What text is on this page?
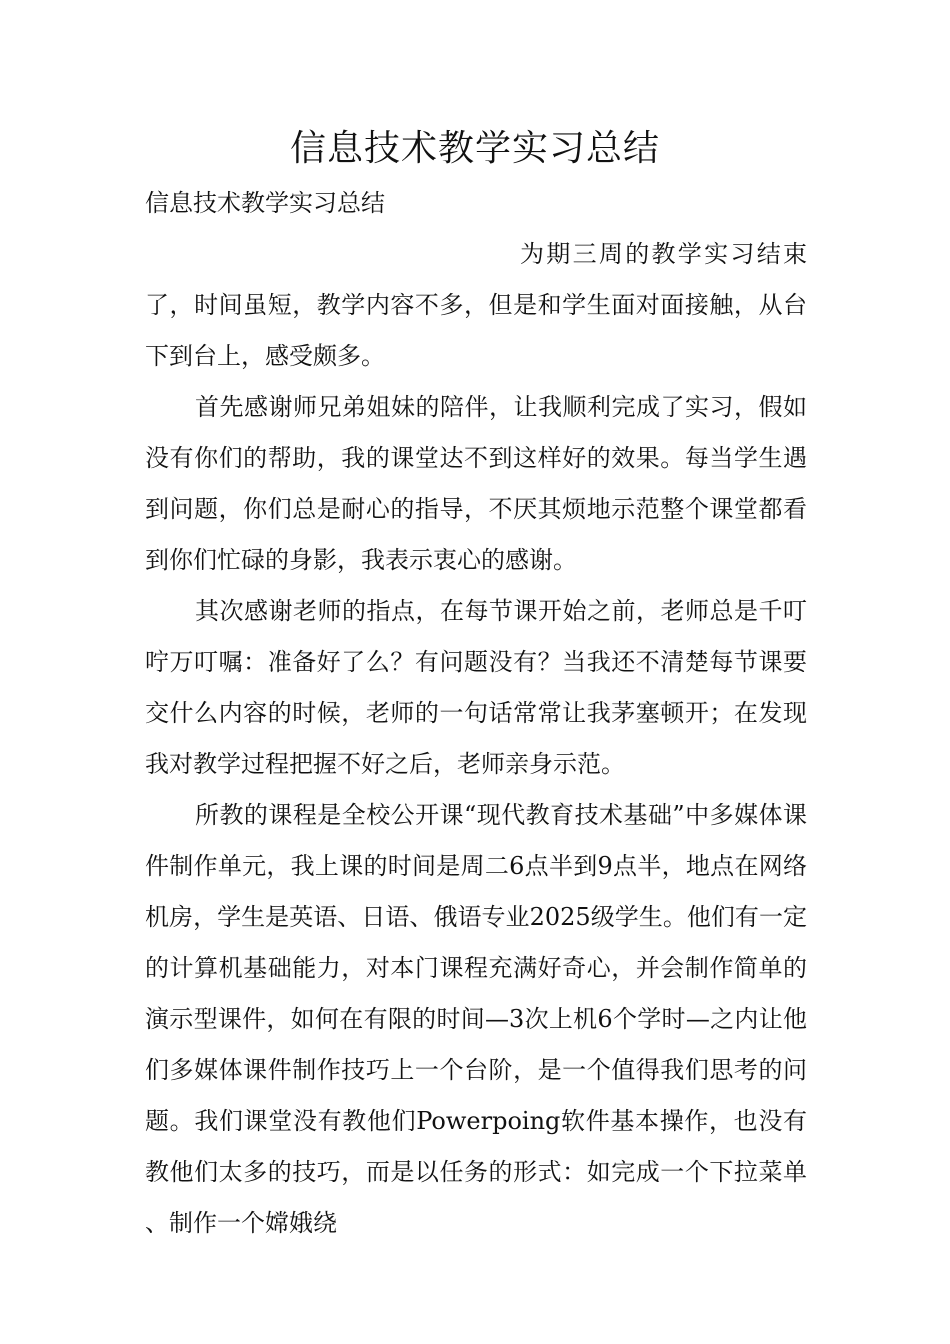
信息技术教学实习总结

信息技术教学实习总结

为期三周的教学实习结束了，时间虽短，教学内容不多，但是和学生面对面接触，从台下到台上，感受颇多。

首先感谢师兄弟姐妹的陪伴，让我顺利完成了实习，假如没有你们的帮助，我的课堂达不到这样好的效果。每当学生遇到问题，你们总是耐心的指导，不厌其烦地示范整个课堂都看到你们忙碌的身影，我表示衷心的感谢。

其次感谢老师的指点，在每节课开始之前，老师总是千叮咛万叮嘱：准备好了么？有问题没有？当我还不清楚每节课要交什么内容的时候，老师的一句话常常让我茅塞顿开；在发现我对教学过程把握不好之后，老师亲身示范。

所教的课程是全校公开课“现代教育技术基础”中多媒体课件制作单元，我上课的时间是周二6点半到9点半，地点在网络机房，学生是英语、日语、俄语专业2025级学生。他们有一定的计算机基础能力，对本门课程充满好奇心，并会制作简单的演示型课件，如何在有限的时间—3次上机6个学时—之内让他们多媒体课件制作技巧上一个台阶，是一个值得我们思考的问题。我们课堂没有教他们Powerpoing软件基本操作，也没有教他们太多的技巧，而是以任务的形式：如完成一个下拉菜单、制作一个嫦娥绕
